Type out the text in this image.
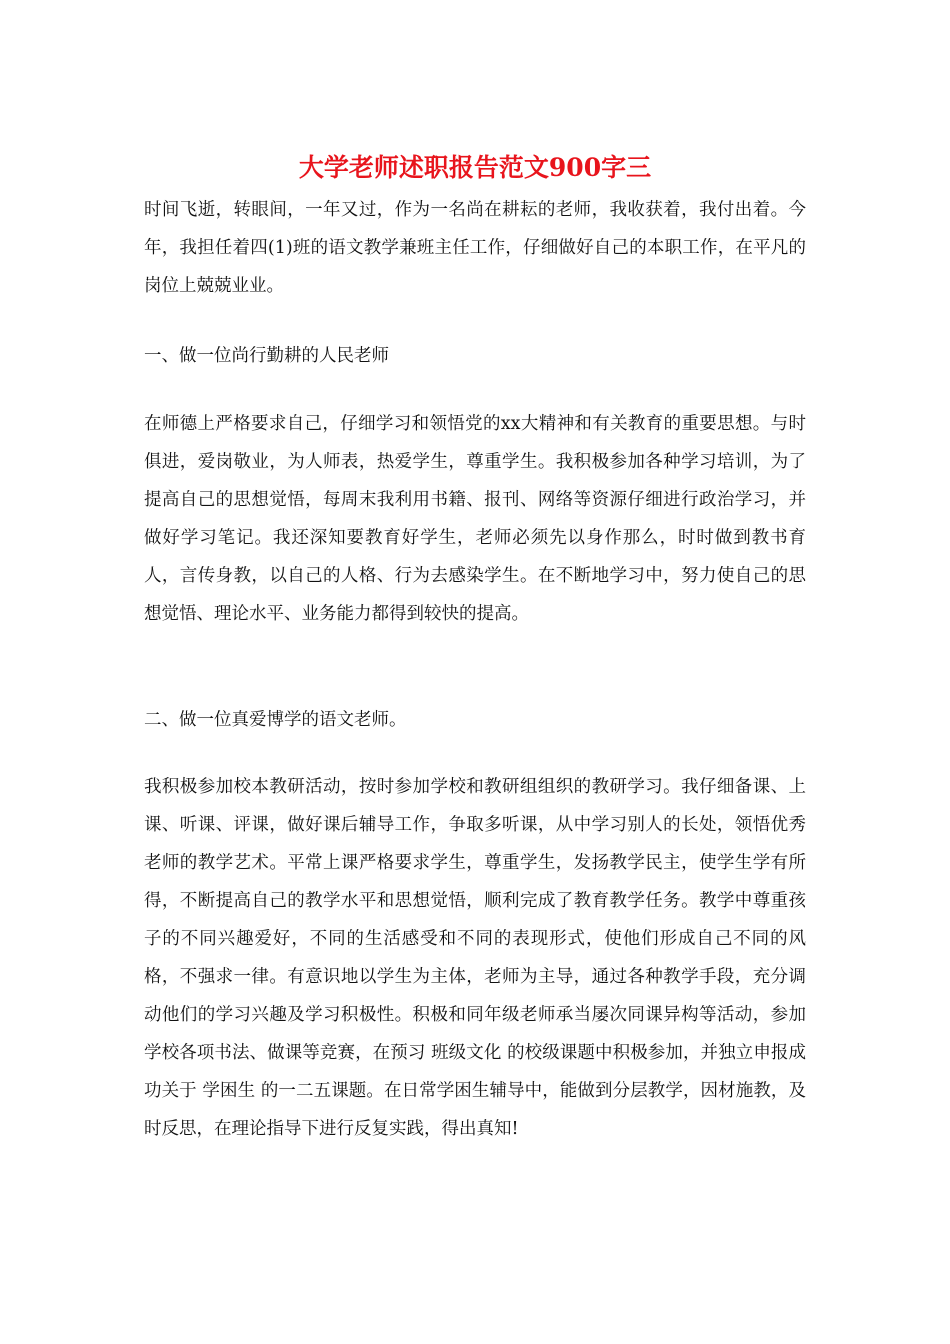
大学老师述职报告范文900字三

时间飞逝，转眼间，一年又过，作为一名尚在耕耘的老师，我收获着，我付出着。今年，我担任着四(1)班的语文教学兼班主任工作，仔细做好自己的本职工作，在平凡的岗位上兢兢业业。

一、做一位尚行勤耕的人民老师

在师德上严格要求自己，仔细学习和领悟党的xx大精神和有关教育的重要思想。与时俱进，爱岗敬业，为人师表，热爱学生，尊重学生。我积极参加各种学习培训，为了提高自己的思想觉悟，每周末我利用书籍、报刊、网络等资源仔细进行政治学习，并做好学习笔记。我还深知要教育好学生，老师必须先以身作那么，时时做到教书育人，言传身教，以自己的人格、行为去感染学生。在不断地学习中，努力使自己的思想觉悟、理论水平、业务能力都得到较快的提高。

二、做一位真爱博学的语文老师。

我积极参加校本教研活动，按时参加学校和教研组组织的教研学习。我仔细备课、上课、听课、评课，做好课后辅导工作，争取多听课，从中学习别人的长处，领悟优秀老师的教学艺术。平常上课严格要求学生，尊重学生，发扬教学民主，使学生学有所得，不断提高自己的教学水平和思想觉悟，顺利完成了教育教学任务。教学中尊重孩子的不同兴趣爱好，不同的生活感受和不同的表现形式，使他们形成自己不同的风格，不强求一律。有意识地以学生为主体，老师为主导，通过各种教学手段，充分调动他们的学习兴趣及学习积极性。积极和同年级老师承当屡次同课异构等活动，参加学校各项书法、做课等竞赛，在预习 班级文化 的校级课题中积极参加，并独立申报成功关于 学困生 的一二五课题。在日常学困生辅导中，能做到分层教学，因材施教，及时反思，在理论指导下进行反复实践，得出真知!
